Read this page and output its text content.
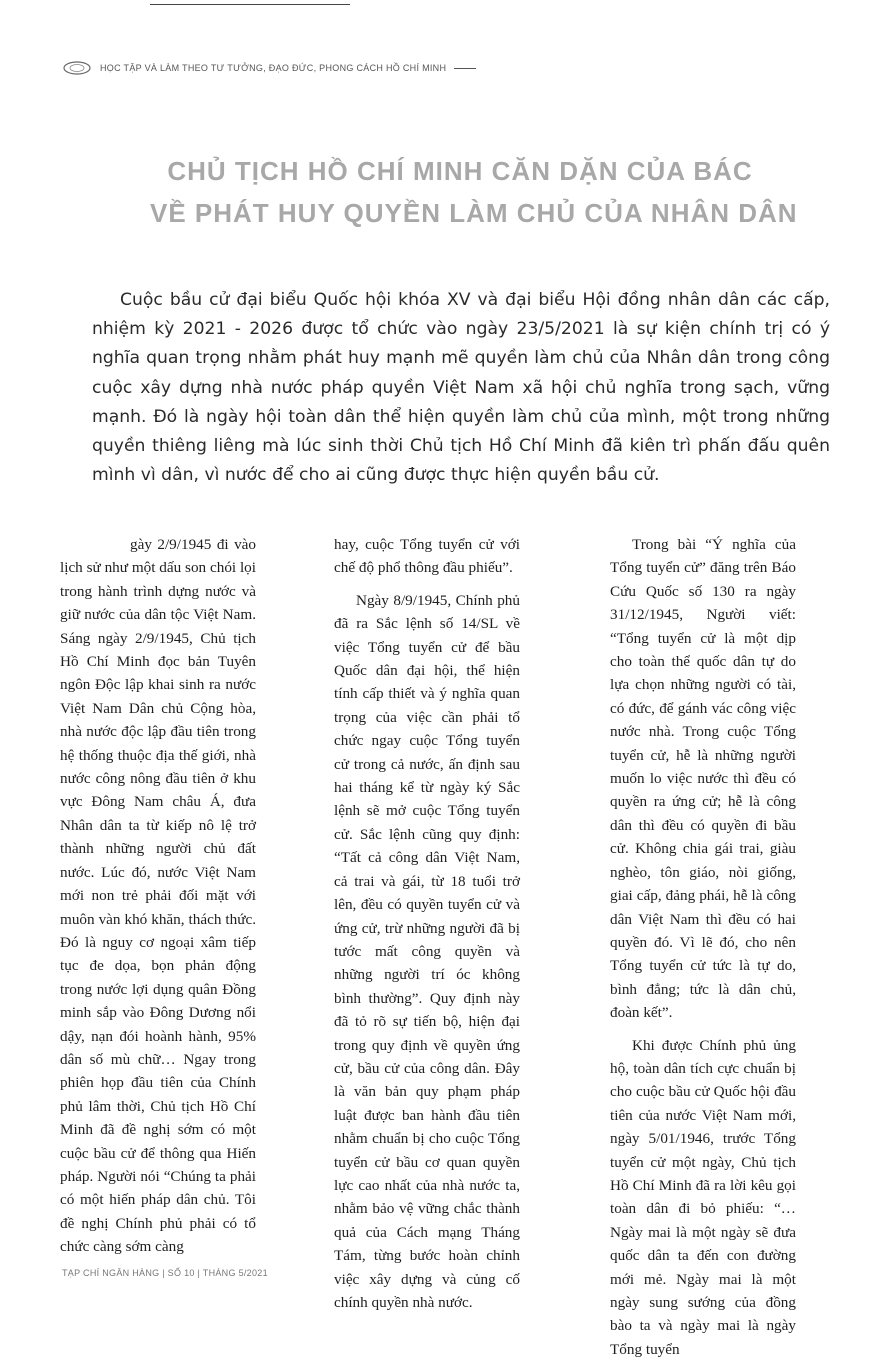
HỌC TẬP VÀ LÀM THEO TƯ TƯỞNG, ĐẠO ĐỨC, PHONG CÁCH HỒ CHÍ MINH
CHỦ TỊCH HỒ CHÍ MINH CĂN DẶN CỦA BÁC
VỀ PHÁT HUY QUYỀN LÀM CHỦ CỦA NHÂN DÂN

Cuộc bầu cử đại biểu Quốc hội khóa XV và đại biểu Hội đồng nhân dân các cấp, nhiệm kỳ 2021 - 2026 được tổ chức vào ngày 23/5/2021 là sự kiện chính trị có ý nghĩa quan trọng nhằm phát huy mạnh mẽ quyền làm chủ của Nhân dân trong công cuộc xây dựng nhà nước pháp quyền Việt Nam xã hội chủ nghĩa trong sạch, vững mạnh. Đó là ngày hội toàn dân thể hiện quyền làm chủ của mình, một trong những quyền thiêng liêng mà lúc sinh thời Chủ tịch Hồ Chí Minh đã kiên trì phấn đấu quên mình vì dân, vì nước để cho ai cũng được thực hiện quyền bầu cử.

gày 2/9/1945 đi vào lịch sử như một dấu son chói lọi trong hành trình dựng nước và giữ nước của dân tộc Việt Nam. Sáng ngày 2/9/1945, Chủ tịch Hồ Chí Minh đọc bản Tuyên ngôn Độc lập khai sinh ra nước Việt Nam Dân chủ Cộng hòa, nhà nước độc lập đầu tiên trong hệ thống thuộc địa thế giới, nhà nước công nông đầu tiên ở khu vực Đông Nam châu Á, đưa Nhân dân ta từ kiếp nô lệ trở thành những người chủ đất nước. Lúc đó, nước Việt Nam mới non trẻ phải đối mặt với muôn vàn khó khăn, thách thức. Đó là nguy cơ ngoại xâm tiếp tục đe dọa, bọn phản động trong nước lợi dụng quân Đồng minh sắp vào Đông Dương nổi dậy, nạn đói hoành hành, 95% dân số mù chữ… Ngay trong phiên họp đầu tiên của Chính phủ lâm thời, Chủ tịch Hồ Chí Minh đã đề nghị sớm có một cuộc bầu cử để thông qua Hiến pháp. Người nói “Chúng ta phải có một hiến pháp dân chủ. Tôi đề nghị Chính phủ phải có tổ chức càng sớm càng

hay, cuộc Tổng tuyển cử với chế độ phổ thông đầu phiếu”.

Ngày 8/9/1945, Chính phủ đã ra Sắc lệnh số 14/SL về việc Tổng tuyển cử để bầu Quốc dân đại hội, thể hiện tính cấp thiết và ý nghĩa quan trọng của việc cần phải tổ chức ngay cuộc Tổng tuyển cử trong cả nước, ấn định sau hai tháng kể từ ngày ký Sắc lệnh sẽ mở cuộc Tổng tuyển cử. Sắc lệnh cũng quy định: “Tất cả công dân Việt Nam, cả trai và gái, từ 18 tuổi trở lên, đều có quyền tuyển cử và ứng cử, trừ những người đã bị tước mất công quyền và những người trí óc không bình thường”. Quy định này đã tỏ rõ sự tiến bộ, hiện đại trong quy định về quyền ứng cử, bầu cử của công dân. Đây là văn bản quy phạm pháp luật được ban hành đầu tiên nhằm chuẩn bị cho cuộc Tổng tuyển cử bầu cơ quan quyền lực cao nhất của nhà nước ta, nhằm bảo vệ vững chắc thành quả của Cách mạng Tháng Tám, từng bước hoàn chỉnh việc xây dựng và củng cố chính quyền nhà nước.

Trong bài “Ý nghĩa của Tổng tuyển cử” đăng trên Báo Cứu Quốc số 130 ra ngày 31/12/1945, Người viết: “Tổng tuyển cử là một dịp cho toàn thể quốc dân tự do lựa chọn những người có tài, có đức, để gánh vác công việc nước nhà. Trong cuộc Tổng tuyển cử, hễ là những người muốn lo việc nước thì đều có quyền ra ứng cử; hễ là công dân thì đều có quyền đi bầu cử. Không chia gái trai, giàu nghèo, tôn giáo, nòi giống, giai cấp, đảng phái, hễ là công dân Việt Nam thì đều có hai quyền đó. Vì lẽ đó, cho nên Tổng tuyển cử tức là tự do, bình đẳng; tức là dân chủ, đoàn kết”.

Khi được Chính phủ ủng hộ, toàn dân tích cực chuẩn bị cho cuộc bầu cử Quốc hội đầu tiên của nước Việt Nam mới, ngày 5/01/1946, trước Tổng tuyển cử một ngày, Chủ tịch Hồ Chí Minh đã ra lời kêu gọi toàn dân đi bỏ phiếu: “… Ngày mai là một ngày sẽ đưa quốc dân ta đến con đường mới mẻ. Ngày mai là một ngày sung sướng của đồng bào ta và ngày mai là ngày Tổng tuyển

TẠP CHÍ NGÂN HÀNG | SỐ 10 | THÁNG 5/2021
